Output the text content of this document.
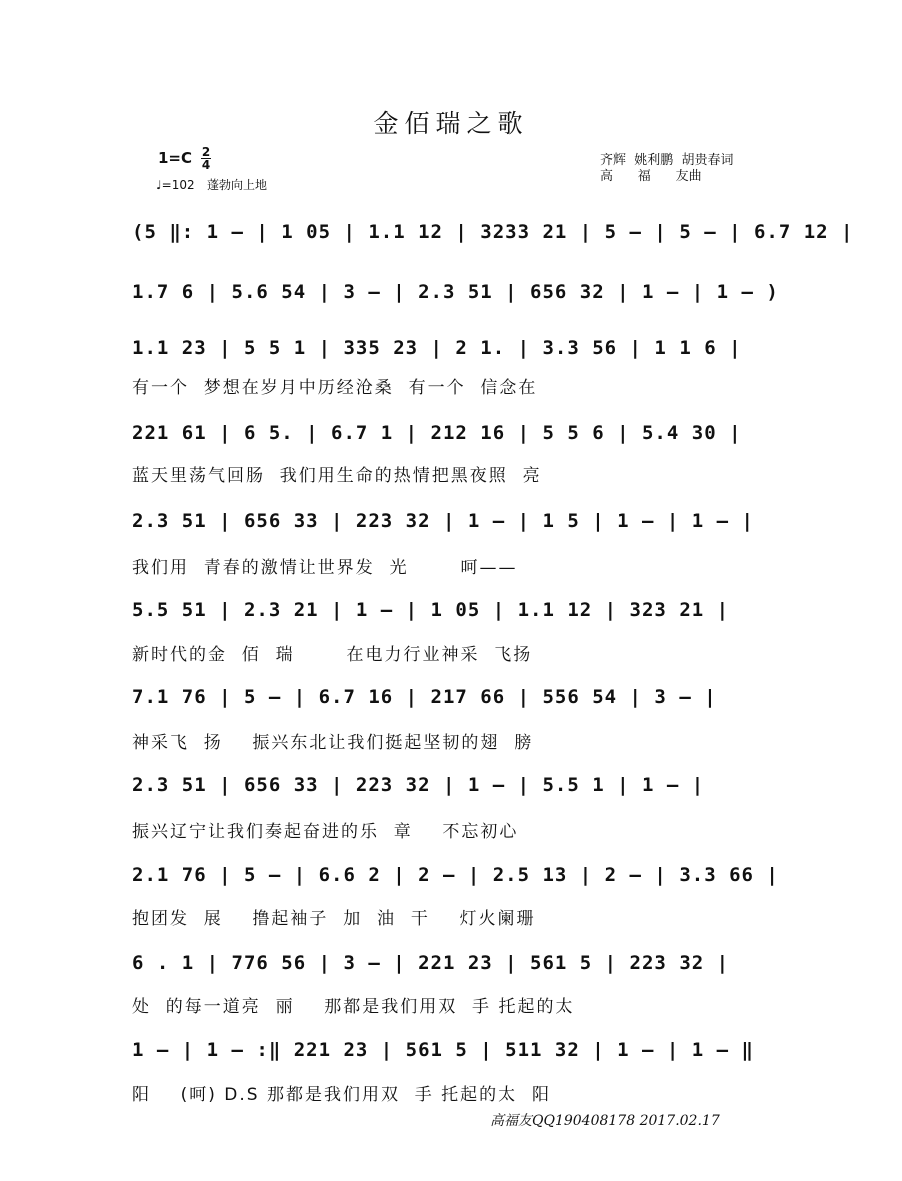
金佰瑞之歌
1=C 2
4
♩=102 蓬勃向上地
齐辉  姚利鹏  胡贵春词
高      福      友曲
(5 ‖: 1 – | 1 05 | 1.1 12 | 3233 21 | 5 – | 5 – | 6.7 12 |
1.7 6 | 5.6 54 | 3 – | 2.3 51 | 656 32 | 1 – | 1 – )
1.1 23 | 5 5 1 | 335 23 | 2 1. | 3.3 56 | 1 1 6 |
有一个  梦想在岁月中历经沧桑  有一个  信念在
221 61 | 6 5. | 6.7 1 | 212 16 | 5 5 6 | 5.4 30 |
蓝天里荡气回肠  我们用生命的热情把黑夜照  亮
2.3 51 | 656 33 | 223 32 | 1 – | 1 5 | 1 – | 1 – |
我们用  青春的激情让世界发  光       呵——
5.5 51 | 2.3 21 | 1 – | 1 05 | 1.1 12 | 323 21 |
新时代的金  佰  瑞       在电力行业神采  飞扬
7.1 76 | 5 – | 6.7 16 | 217 66 | 556 54 | 3 – |
神采飞  扬    振兴东北让我们挺起坚韧的翅  膀
2.3 51 | 656 33 | 223 32 | 1 – | 5.5 1 | 1 – |
振兴辽宁让我们奏起奋进的乐  章    不忘初心
2.1 76 | 5 – | 6.6 2 | 2 – | 2.5 13 | 2 – | 3.3 66 |
抱团发  展    撸起袖子  加  油  干    灯火阑珊
6 . 1 | 776 56 | 3 – | 221 23 | 561 5 | 223 32 |
处  的每一道亮  丽    那都是我们用双  手 托起的太
1 – | 1 – :‖ 221 23 | 561 5 | 511 32 | 1 – | 1 – ‖
阳    (呵) D.S 那都是我们用双  手 托起的太  阳
高福友QQ190408178 2017.02.17
